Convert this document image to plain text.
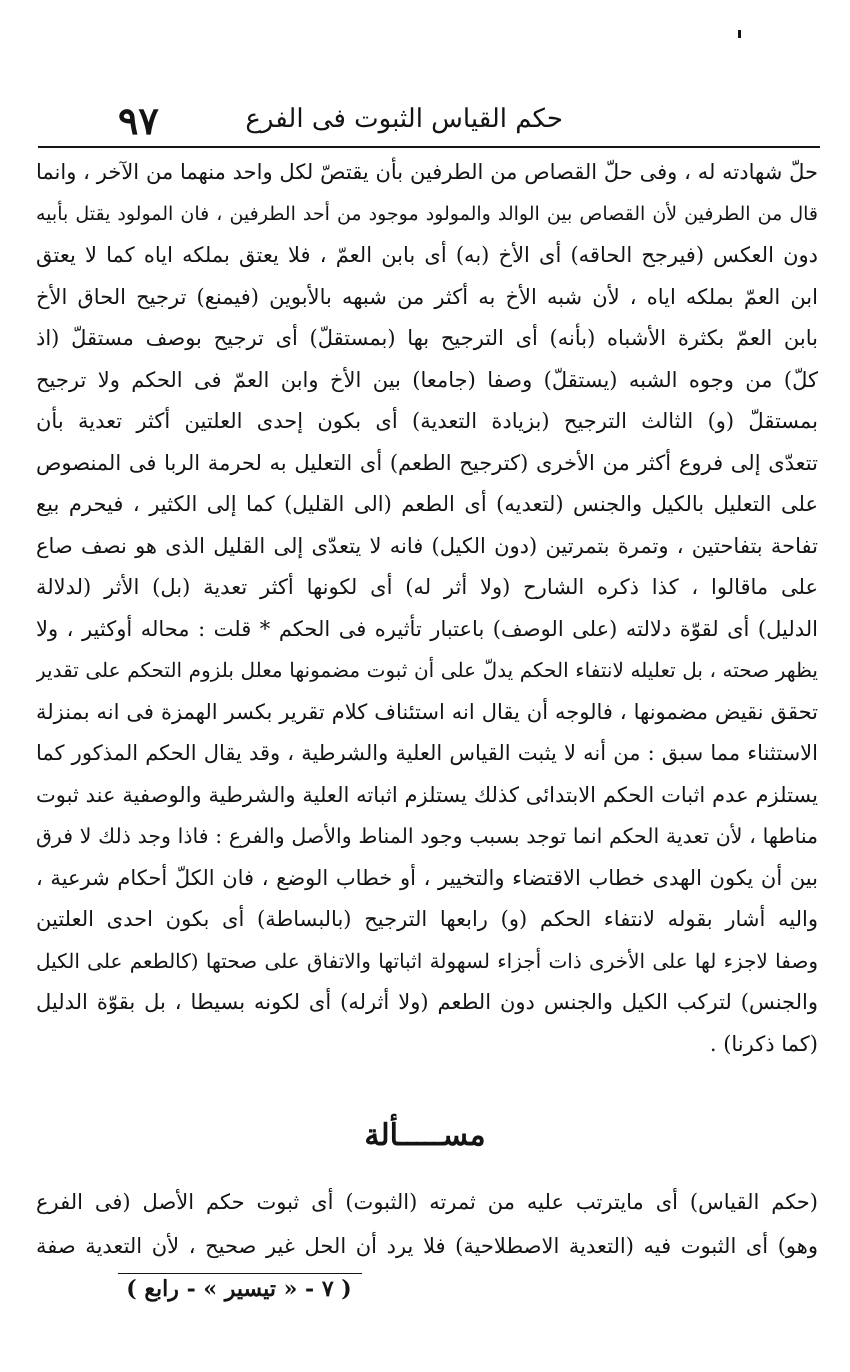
حكم القياس الثبوت فى الفرع
٩٧
حلّ شهادته له ، وفى حلّ القصاص من الطرفين بأن يقتصّ لكل واحد منهما من الآخر ، وانما
قال من الطرفين لأن القصاص بين الوالد والمولود موجود من أحد الطرفين ، فان المولود يقتل بأبيه
دون العكس (فيرجح الحاقه) أى الأخ (به) أى بابن العمّ ، فلا يعتق بملكه اياه كما لا يعتق
ابن العمّ بملكه اياه ، لأن شبه الأخ به أكثر من شبهه بالأبوين (فيمنع) ترجيح الحاق الأخ
بابن العمّ بكثرة الأشباه (بأنه) أى الترجيح بها (بمستقلّ) أى ترجيح بوصف مستقلّ (اذ
كلّ) من وجوه الشبه (يستقلّ) وصفا (جامعا) بين الأخ وابن العمّ فى الحكم ولا ترجيح
بمستقلّ (و) الثالث الترجيح (بزيادة التعدية) أى بكون إحدى العلتين أكثر تعدية بأن
تتعدّى إلى فروع أكثر من الأخرى (كترجيح الطعم) أى التعليل به لحرمة الربا فى المنصوص
على التعليل بالكيل والجنس (لتعديه) أى الطعم (الى القليل) كما إلى الكثير ، فيحرم بيع
تفاحة بتفاحتين ، وتمرة بتمرتين (دون الكيل) فانه لا يتعدّى إلى القليل الذى هو نصف صاع
على ماقالوا ، كذا ذكره الشارح (ولا أثر له) أى لكونها أكثر تعدية (بل) الأثر (لدلالة
الدليل) أى لقوّة دلالته (على الوصف) باعتبار تأثيره فى الحكم * قلت : محاله أوكثير ، ولا
يظهر صحته ، بل تعليله لانتفاء الحكم يدلّ على أن ثبوت مضمونها معلل بلزوم التحكم على تقدير
تحقق نقيض مضمونها ، فالوجه أن يقال انه استئناف كلام تقرير بكسر الهمزة فى انه بمنزلة
الاستثناء مما سبق : من أنه لا يثبت القياس العلية والشرطية ، وقد يقال الحكم المذكور كما
يستلزم عدم اثبات الحكم الابتدائى كذلك يستلزم اثباته العلية والشرطية والوصفية عند ثبوت
مناطها ، لأن تعدية الحكم انما توجد بسبب وجود المناط والأصل والفرع : فاذا وجد ذلك لا فرق
بين أن يكون الهدى خطاب الاقتضاء والتخيير ، أو خطاب الوضع ، فان الكلّ أحكام شرعية ،
واليه أشار بقوله لانتفاء الحكم (و) رابعها الترجيح (بالبساطة) أى بكون احدى العلتين
وصفا لاجزء لها على الأخرى ذات أجزاء لسهولة اثباتها والاتفاق على صحتها (كالطعم على الكيل
والجنس) لتركب الكيل والجنس دون الطعم (ولا أثرله) أى لكونه بسيطا ، بل بقوّة الدليل
(كما ذكرنا) .
مســـــألة
(حكم القياس) أى مايترتب عليه من ثمرته (الثبوت) أى ثبوت حكم الأصل (فى الفرع
وهو) أى الثبوت فيه (التعدية الاصطلاحية) فلا يرد أن الحل غير صحيح ، لأن التعدية صفة
( ٧ - « تيسير » - رابع )
